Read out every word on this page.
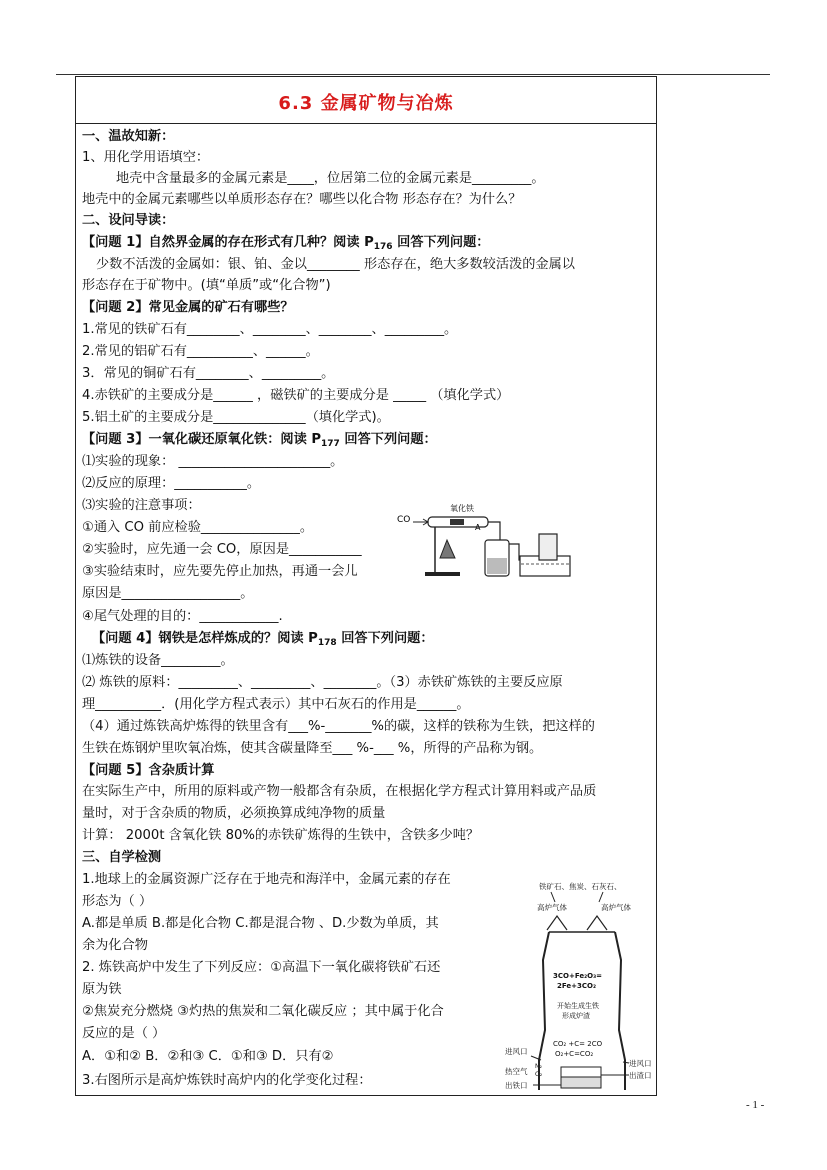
6.3 金属矿物与冶炼
一、温故知新：
1、用化学用语填空：
地壳中含量最多的金属元素是____，位居第二位的金属元素是_________。
地壳中的金属元素哪些以单质形态存在？哪些以化合物 形态存在？为什么？
二、设问导读：
【问题 1】自然界金属的存在形式有几种？阅读 $P_{176}$ 回答下列问题：
少数不活泼的金属如：银、铂、金以________ 形态存在，绝大多数较活泼的金属以
形态存在于矿物中。(填“单质”或“化合物”)
【问题 2】常见金属的矿石有哪些？
1.常见的铁矿石有________、________、________、_________。
2.常见的铝矿石有__________、______。
3．常见的铜矿石有________、_________。
4.赤铁矿的主要成分是______ ，磁铁矿的主要成分是 _____ （填化学式）
5.铝土矿的主要成分是______________（填化学式)。
【问题 3】一氧化碳还原氧化铁：阅读 $P_{177}$ 回答下列问题：
⑴实验的现象： _______________________。
⑵反应的原理：___________。
⑶实验的注意事项：
①通入 CO 前应检验_______________。
②实验时，应先通一会 CO，原因是___________
③实验结束时，应先要先停止加热，再通一会儿
原因是__________________。
④尾气处理的目的：____________.
【问题 4】钢铁是怎样炼成的？阅读 $P_{178}$ 回答下列问题：
⑴炼铁的设备_________。
⑵ 炼铁的原料：_________、_________、________。（3）赤铁矿炼铁的主要反应原
理__________．(用化学方程式表示）其中石灰石的作用是______。
（4）通过炼铁高炉炼得的铁里含有___%-_______%的碳，这样的铁称为生铁，把这样的
生铁在炼钢炉里吹氧冶炼，使其含碳量降至___ %-___ %，所得的产品称为钢。
【问题 5】含杂质计算
在实际生产中，所用的原料或产物一般都含有杂质，在根据化学方程式计算用料或产品质
量时，对于含杂质的物质，必须换算成纯净物的质量
计算： 2000t 含氧化铁 80%的赤铁矿炼得的生铁中，含铁多少吨？
三、自学检测
1.地球上的金属资源广泛存在于地壳和海洋中，金属元素的存在
形态为（ ）
A.都是单质 B.都是化合物 C.都是混合物 、D.少数为单质，其
余为化合物
2. 炼铁高炉中发生了下列反应：①高温下一氧化碳将铁矿石还
原为铁
②焦炭充分燃烧 ③灼热的焦炭和二氧化碳反应 ；其中属于化合
反应的是（ ）
A．①和② B．②和③ C．①和③ D．只有②
3.右图所示是高炉炼铁时高炉内的化学变化过程：
CO
氧化铁
A
铁矿石、焦炭、石灰石、
高炉气体	高炉气体
3CO+Fe₂O₃=
2Fe+3CO₂
开始生成生铁
形成炉渣
CO₂ +C= 2CO
O₂+C=CO₂
进风口
进风口
热空气
N₂
O₂	出渣口
出铁口
- 1 -
